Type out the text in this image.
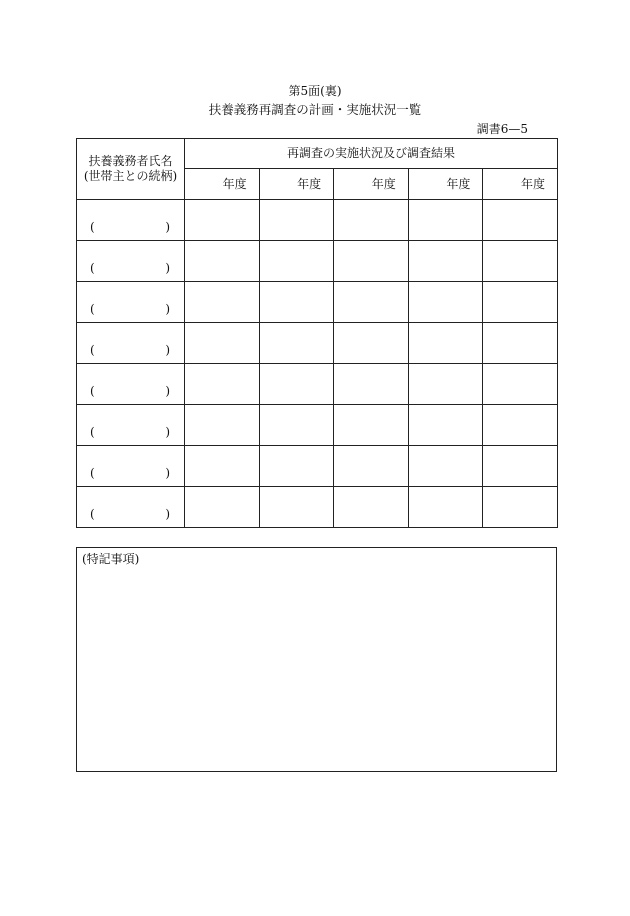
第5面(裏)
扶養義務再調査の計画・実施状況一覧
調書6—5
扶養義務者氏名
(世帯主との続柄)	再調査の実施状況及び調査結果				
	年度	年度	年度	年度	年度

( )					

( )					

( )					

( )					

( )					

( )					

( )					

( )					

(特記事項)
